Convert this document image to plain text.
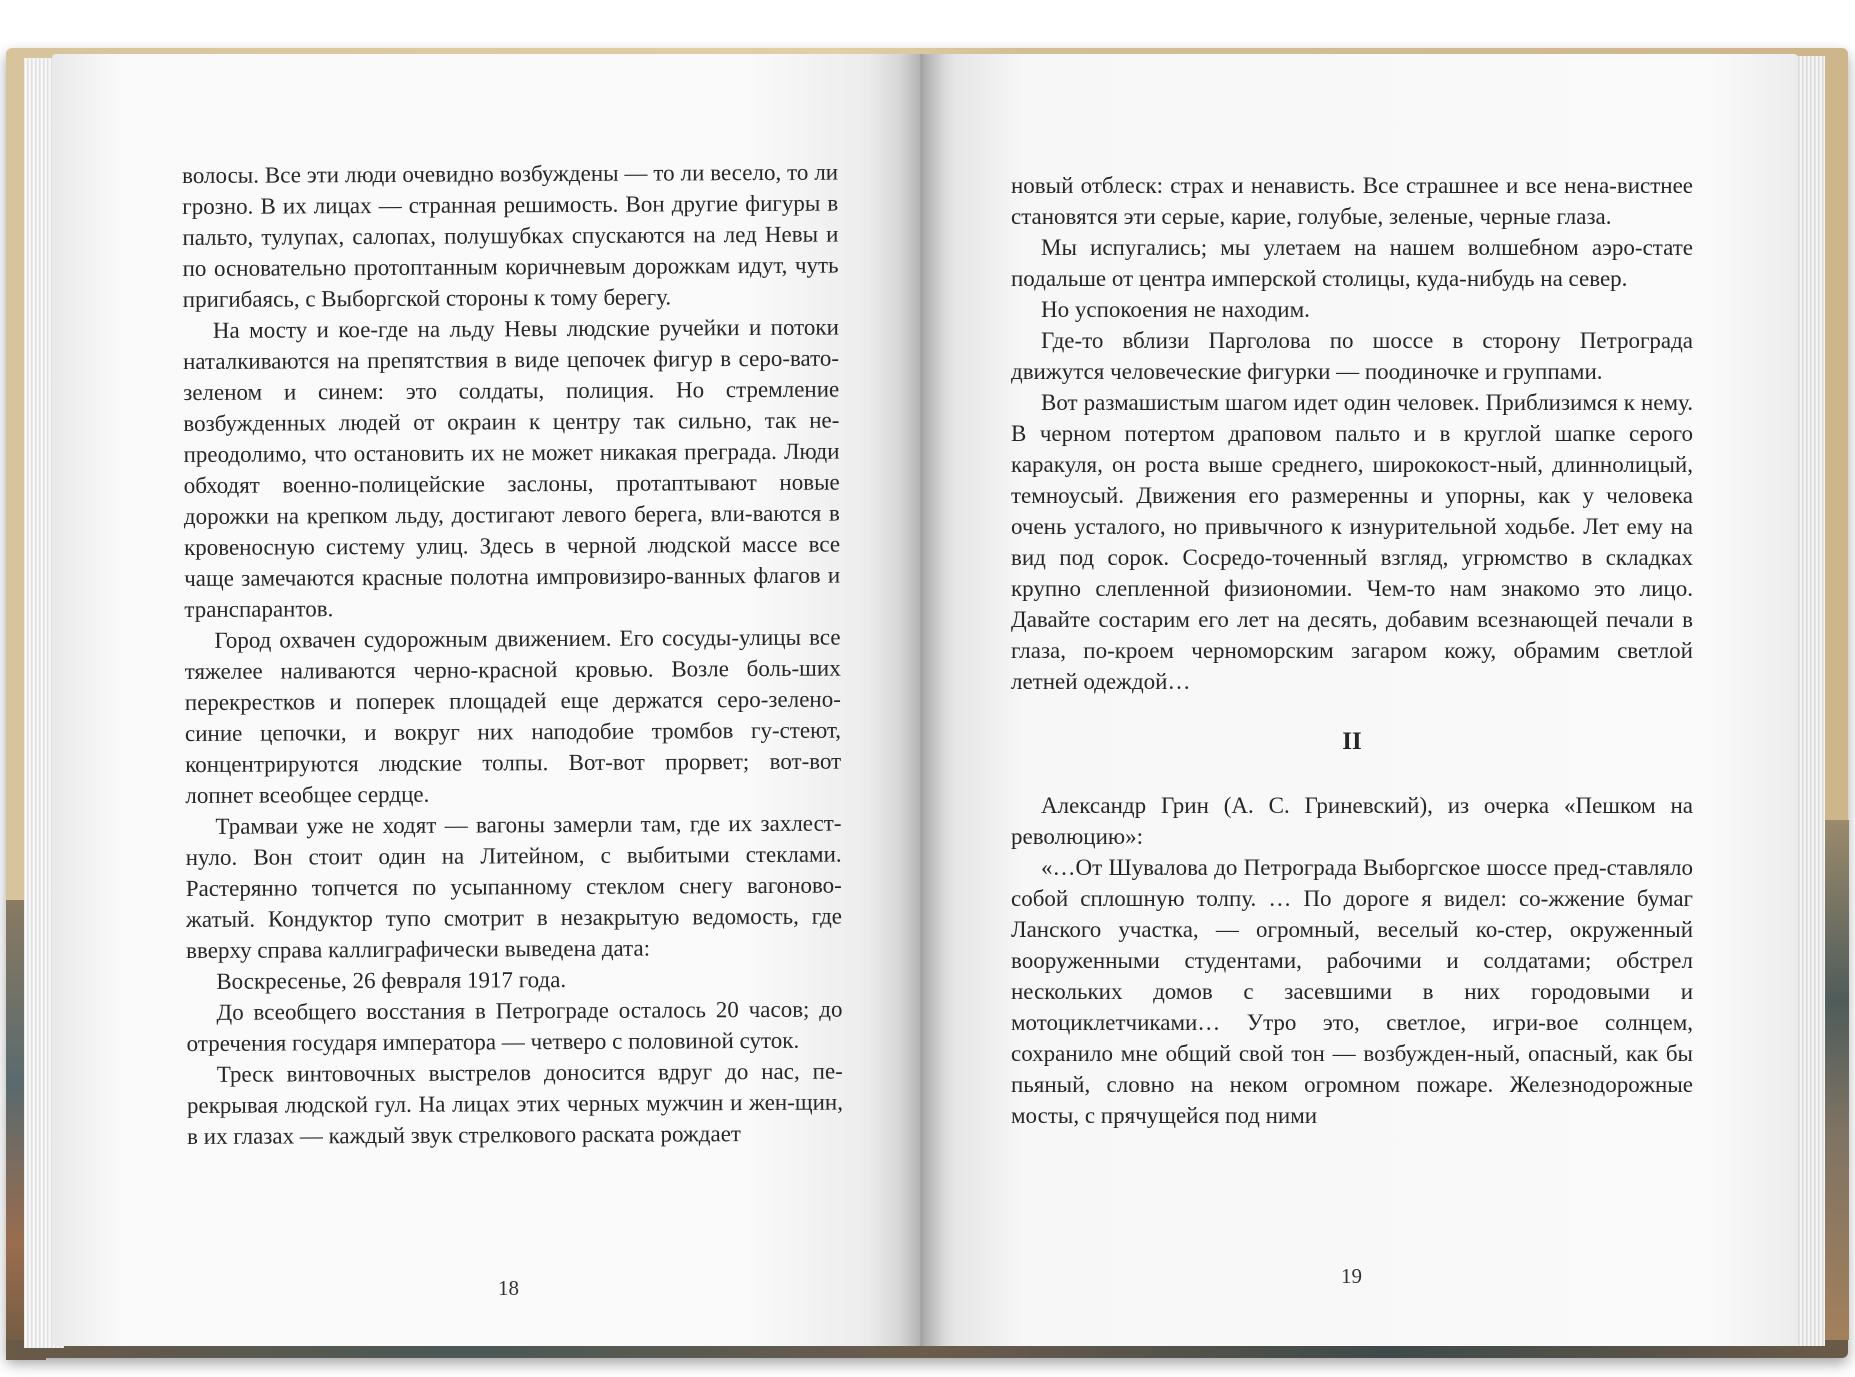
волосы. Все эти люди очевидно возбуждены — то ли весело, то ли грозно. В их лицах — странная решимость. Вон другие фигуры в пальто, тулупах, салопах, полушубках спускаются на лед Невы и по основательно протоптанным коричневым дорожкам идут, чуть пригибаясь, с Выборгской стороны к тому берегу.

На мосту и кое-где на льду Невы людские ручейки и потоки наталкиваются на препятствия в виде цепочек фигур в серо-вато-зеленом и синем: это солдаты, полиция. Но стремление возбужденных людей от окраин к центру так сильно, так не-преодолимо, что остановить их не может никакая преграда. Люди обходят военно-полицейские заслоны, протаптывают новые дорожки на крепком льду, достигают левого берега, вли-ваются в кровеносную систему улиц. Здесь в черной людской массе все чаще замечаются красные полотна импровизиро-ванных флагов и транспарантов.

Город охвачен судорожным движением. Его сосуды-улицы все тяжелее наливаются черно-красной кровью. Возле боль-ших перекрестков и поперек площадей еще держатся серо-зелено-синие цепочки, и вокруг них наподобие тромбов гу-стеют, концентрируются людские толпы. Вот-вот прорвет; вот-вот лопнет всеобщее сердце.

Трамваи уже не ходят — вагоны замерли там, где их захлест-нуло. Вон стоит один на Литейном, с выбитыми стеклами. Растерянно топчется по усыпанному стеклом снегу вагоново-жатый. Кондуктор тупо смотрит в незакрытую ведомость, где вверху справа каллиграфически выведена дата:

Воскресенье, 26 февраля 1917 года.

До всеобщего восстания в Петрограде осталось 20 часов; до отречения государя императора — четверо с половиной суток.

Треск винтовочных выстрелов доносится вдруг до нас, пе-рекрывая людской гул. На лицах этих черных мужчин и жен-щин, в их глазах — каждый звук стрелкового раската рождает

новый отблеск: страх и ненависть. Все страшнее и все нена-вистнее становятся эти серые, карие, голубые, зеленые, черные глаза.

Мы испугались; мы улетаем на нашем волшебном аэро-стате подальше от центра имперской столицы, куда-нибудь на север.

Но успокоения не находим.

Где-то вблизи Парголова по шоссе в сторону Петрограда движутся человеческие фигурки — поодиночке и группами.

Вот размашистым шагом идет один человек. Приблизимся к нему. В черном потертом драповом пальто и в круглой шапке серого каракуля, он роста выше среднего, ширококост-ный, длиннолицый, темноусый. Движения его размеренны и упорны, как у человека очень усталого, но привычного к изнурительной ходьбе. Лет ему на вид под сорок. Сосредо-точенный взгляд, угрюмство в складках крупно слепленной физиономии. Чем-то нам знакомо это лицо. Давайте состарим его лет на десять, добавим всезнающей печали в глаза, по-кроем черноморским загаром кожу, обрамим светлой летней одеждой…

II

Александр Грин (А. С. Гриневский), из очерка «Пешком на революцию»:

«…От Шувалова до Петрограда Выборгское шоссе пред-ставляло собой сплошную толпу. … По дороге я видел: со-жжение бумаг Ланского участка, — огромный, веселый ко-стер, окруженный вооруженными студентами, рабочими и солдатами; обстрел нескольких домов с засевшими в них городовыми и мотоциклетчиками… Утро это, светлое, игри-вое солнцем, сохранило мне общий свой тон — возбужден-ный, опасный, как бы пьяный, словно на неком огромном пожаре. Железнодорожные мосты, с прячущейся под ними

18	19
